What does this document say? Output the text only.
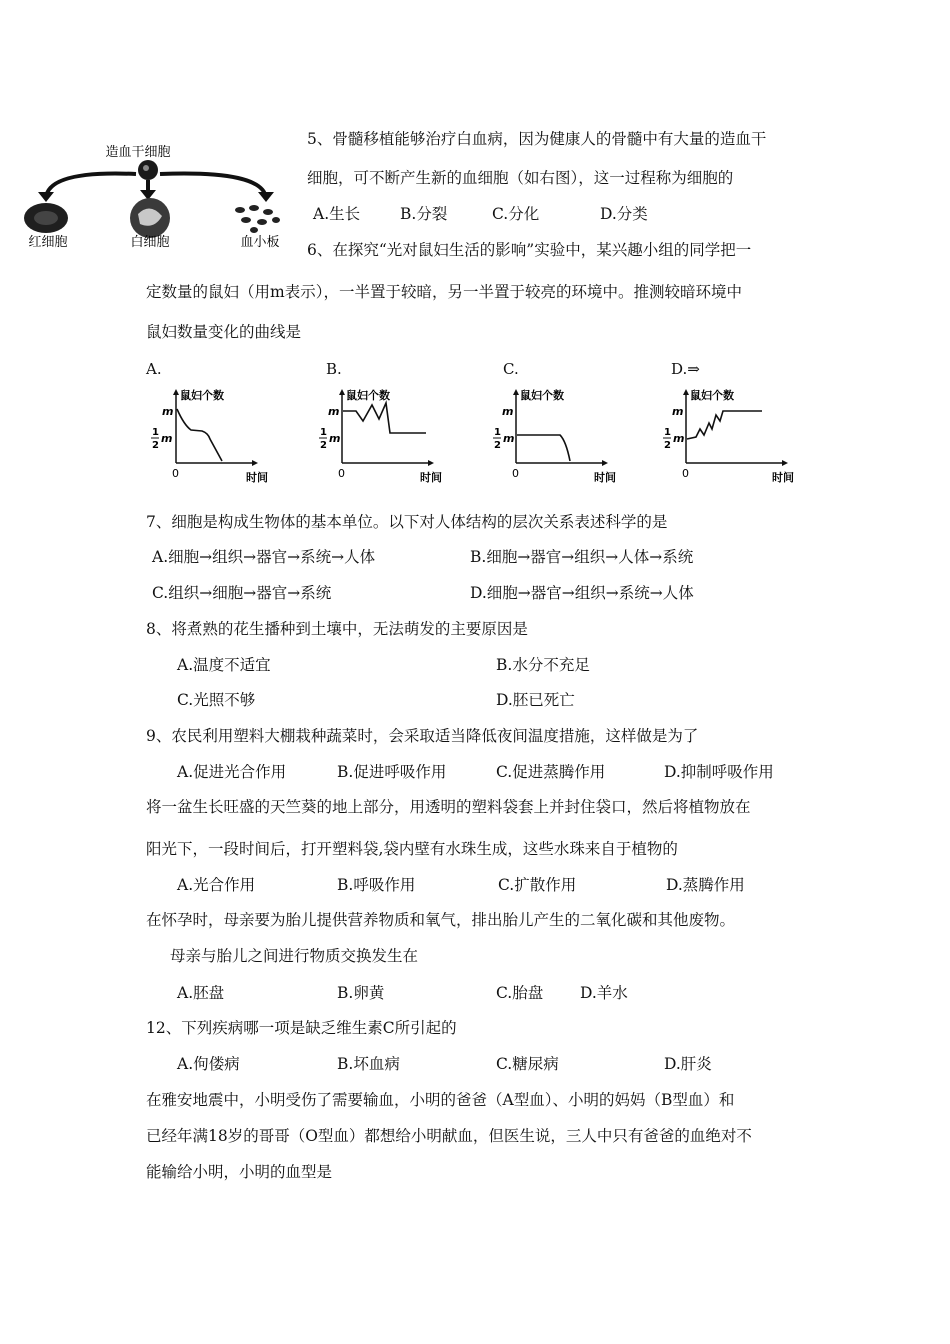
造血干细胞
红细胞	白细胞	血小板
5、骨髓移植能够治疗白血病，因为健康人的骨髓中有大量的造血干
细胞，可不断产生新的血细胞（如右图），这一过程称为细胞的
A.生长	B.分裂	C.分化	D.分类
6、在探究“光对鼠妇生活的影响”实验中，某兴趣小组的同学把一
定数量的鼠妇（用m表示），一半置于较暗，另一半置于较亮的环境中。推测较暗环境中
鼠妇数量变化的曲线是
A.	B.	C.	D.⇒
鼠妇个数
m
1
2
m
0	时间
鼠妇个数
m
1
2
m
0	时间
鼠妇个数
m
1
2
m
0	时间
鼠妇个数
m
1
2
m
0	时间
7、细胞是构成生物体的基本单位。以下对人体结构的层次关系表述科学的是
A.细胞→组织→器官→系统→人体	B.细胞→器官→组织→人体→系统
C.组织→细胞→器官→系统	D.细胞→器官→组织→系统→人体
8、将煮熟的花生播种到土壤中，无法萌发的主要原因是
A.温度不适宜	B.水分不充足
C.光照不够	D.胚已死亡
9、农民利用塑料大棚栽种蔬菜时，会采取适当降低夜间温度措施，这样做是为了
A.促进光合作用	B.促进呼吸作用	C.促进蒸腾作用	D.抑制呼吸作用
将一盆生长旺盛的天竺葵的地上部分，用透明的塑料袋套上并封住袋口，然后将植物放在
阳光下，一段时间后，打开塑料袋,袋内壁有水珠生成，这些水珠来自于植物的
A.光合作用	B.呼吸作用	C.扩散作用	D.蒸腾作用
在怀孕时，母亲要为胎儿提供营养物质和氧气，排出胎儿产生的二氧化碳和其他废物。
母亲与胎儿之间进行物质交换发生在
A.胚盘	B.卵黄	C.胎盘 D.羊水
12、下列疾病哪一项是缺乏维生素C所引起的
A.佝偻病	B.坏血病	C.糖尿病	D.肝炎
在雅安地震中，小明受伤了需要输血，小明的爸爸（A型血）、小明的妈妈（B型血）和
已经年满18岁的哥哥（O型血）都想给小明献血，但医生说，三人中只有爸爸的血绝对不
能输给小明，小明的血型是
